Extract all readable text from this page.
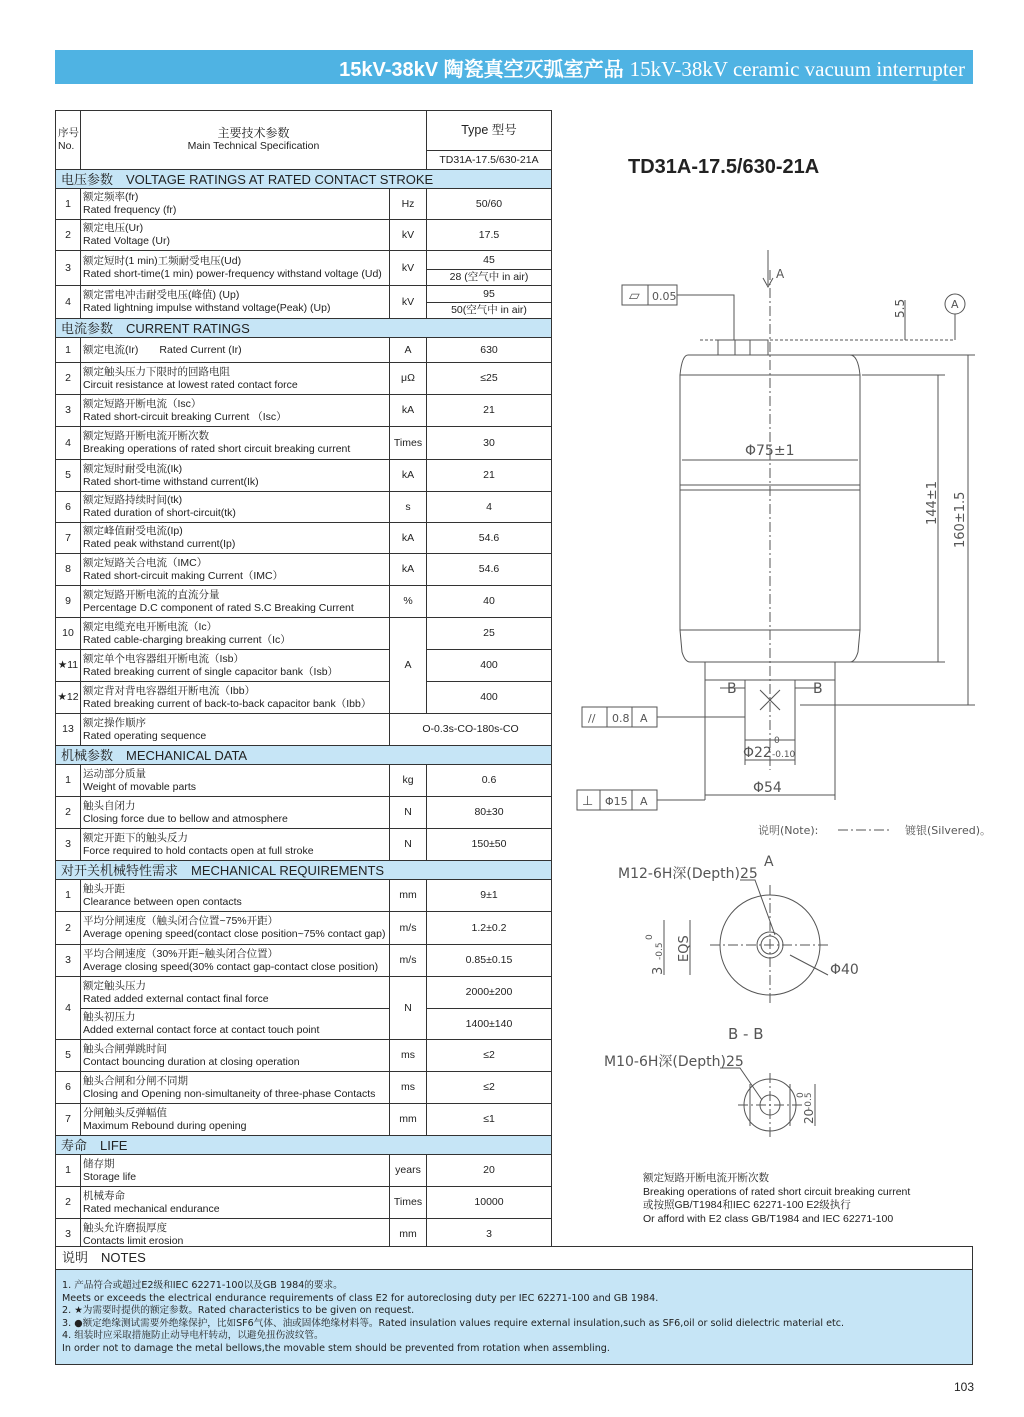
15kV-38kV 陶瓷真空灭弧室产品 15kV-38kV ceramic vacuum interrupter
序号
No.	主要技术参数
Main Technical Specification		Type 型号
			TD31A-17.5/630-21A
电压参数　VOLTAGE RATINGS AT RATED CONTACT STROKE			
1	额定频率(fr)
Rated frequency (fr)	Hz	50/60
2	额定电压(Ur)
Rated Voltage (Ur)	kV	17.5
3	额定短时(1 min)工频耐受电压(Ud)
Rated short-time(1 min) power-frequency withstand voltage (Ud)	kV	45
			28 (空气中 in air)
4	额定雷电冲击耐受电压(峰值) (Up)
Rated lightning impulse withstand voltage(Peak) (Up)	kV	95
			50(空气中 in air)
电流参数　CURRENT RATINGS			
1	额定电流(Ir)　　Rated Current (Ir)	A	630
2	额定触头压力下限时的回路电阻
Circuit resistance at lowest rated contact force	μΩ	≤25
3	额定短路开断电流（Isc）
Rated short-circuit breaking Current （Isc）	kA	21
4	额定短路开断电流开断次数
Breaking operations of rated short circuit breaking current	Times	30
5	额定短时耐受电流(Ik)
Rated short-time withstand current(Ik)	kA	21
6	额定短路持续时间(tk)
Rated duration of short-circuit(tk)	s	4
7	额定峰值耐受电流(Ip)
Rated peak withstand current(Ip)	kA	54.6
8	额定短路关合电流（IMC）
Rated short-circuit making Current（IMC）	kA	54.6
9	额定短路开断电流的直流分量
Percentage D.C component of rated S.C Breaking Current	%	40
10	额定电缆充电开断电流（Ic）
Rated cable-charging breaking current（Ic）	A	25
★11	额定单个电容器组开断电流（Isb）
Rated breaking current of single capacitor bank（Isb）		400
★12	额定背对背电容器组开断电流（Ibb）
Rated breaking current of back-to-back capacitor bank（Ibb）		400
13	额定操作顺序
Rated operating sequence	O-0.3s-CO-180s-CO	
机械参数　MECHANICAL DATA			
1	运动部分质量
Weight of movable parts	kg	0.6
2	触头自闭力
Closing force due to bellow and atmosphere	N	80±30
3	额定开距下的触头反力
Force required to hold contacts open at full stroke	N	150±50
对开关机械特性需求　MECHANICAL REQUIREMENTS			
1	触头开距
Clearance between open contacts	mm	9±1
2	平均分闸速度（触头闭合位置~75%开距）
Average opening speed(contact close position~75% contact gap)	m/s	1.2±0.2
3	平均合闸速度（30%开距~触头闭合位置）
Average closing speed(30% contact gap-contact close position)	m/s	0.85±0.15
4	额定触头压力
Rated added external contact final force	N	2000±200

	触头初压力
Added external contact force at contact touch point		1400±140
5	触头合闸弹跳时间
Contact bouncing duration at closing operation	ms	≤2
6	触头合闸和分闸不同期
Closing and Opening non-simultaneity of three-phase Contacts	ms	≤2
7	分闸触头反弹幅值
Maximum Rebound during opening	mm	≤1
寿命　LIFE			
1	储存期
Storage life	years	20
2	机械寿命
Rated mechanical endurance	Times	10000
3	触头允许磨损厚度
Contacts limit erosion	mm	3
TD31A-17.5/630-21A
A
▱ 0.05
5.5	A
Φ75±1
144±1 160±1.5
B	B
// 0.8 A
Φ22
0
-0.10
Φ54
⊥ Φ15 A
说明(Note):	镀银(Silvered)。
A
M12-6H深(Depth)25
3
0
-0.5 EQS
Φ40
B - B
M10-6H深(Depth)25
20
0
-0.5
额定短路开断电流开断次数
Breaking operations of rated short circuit breaking current
或按照GB/T1984和IEC 62271-100 E2级执行
Or afford with E2 class GB/T1984 and IEC 62271-100
说明　NOTES
1. 产品符合或超过E2级和IEC 62271-100以及GB 1984的要求。
Meets or exceeds the electrical endurance requirements of class E2 for autoreclosing duty per IEC 62271-100 and GB 1984.
2. ★为需要时提供的额定参数。Rated characteristics to be given on request.
3. ●额定绝缘测试需要外绝缘保护，比如SF6气体、油或固体绝缘材料等。Rated insulation values require external insulation,such as SF6,oil or solid dielectric material etc.
4. 组装时应采取措施防止动导电杆转动，以避免扭伤波纹管。
In order not to damage the metal bellows,the movable stem should be prevented from rotation when assembling.
103
